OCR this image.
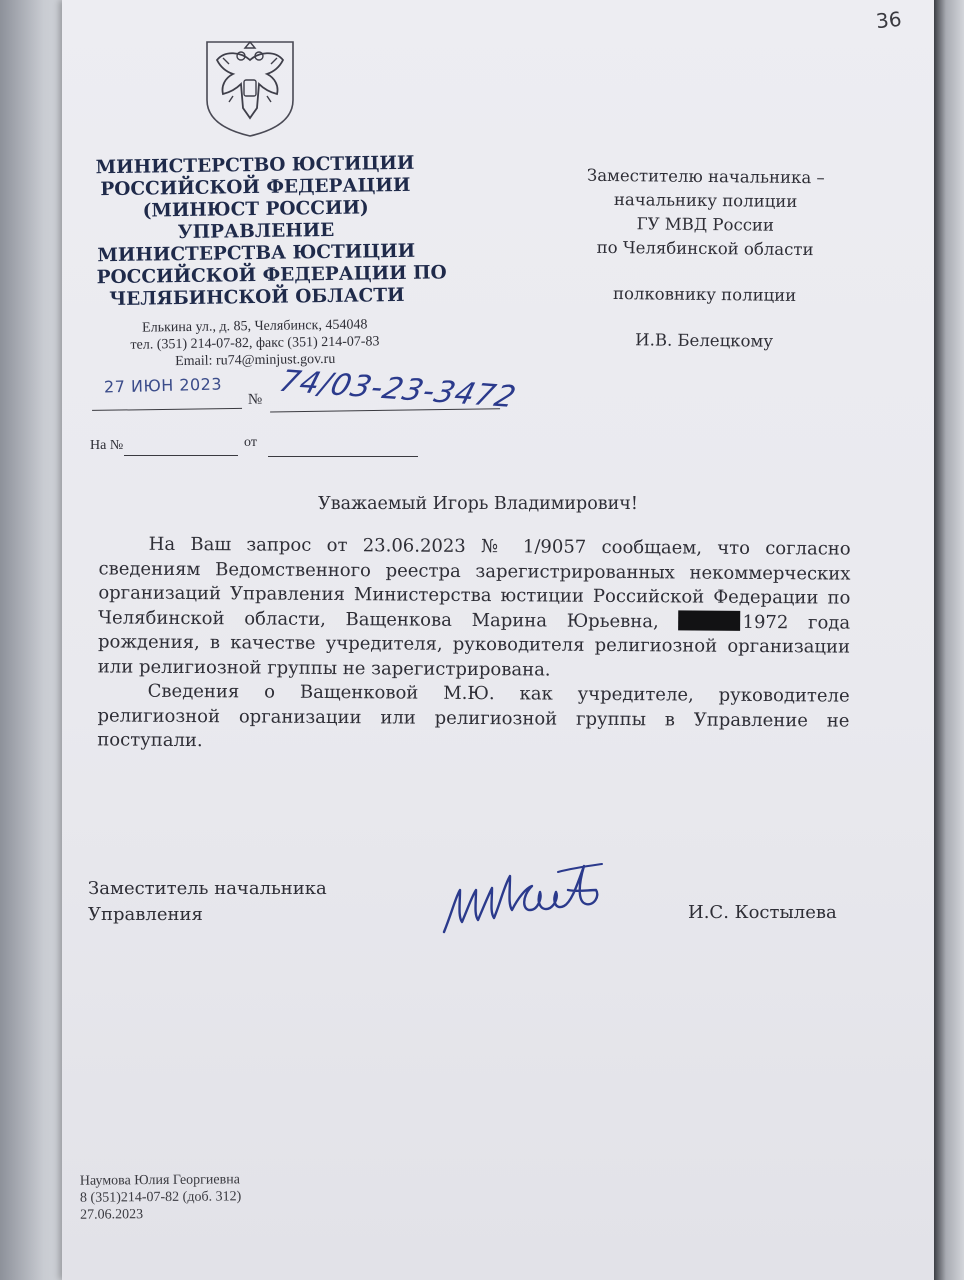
36
МИНИСТЕРСТВО ЮСТИЦИИ
РОССИЙСКОЙ ФЕДЕРАЦИИ
(МИНЮСТ РОССИИ)
УПРАВЛЕНИЕ
МИНИСТЕРСТВА ЮСТИЦИИ
РОССИЙСКОЙ ФЕДЕРАЦИИ ПО
ЧЕЛЯБИНСКОЙ ОБЛАСТИ
Елькина ул., д. 85, Челябинск, 454048
тел. (351) 214-07-82, факс (351) 214-07-83
Email: ru74@minjust.gov.ru
27 ИЮН 2023
№ 74/03-23-3472
На №	от
Заместителю начальника –
начальнику полиции
ГУ МВД России
по Челябинской области
полковнику полиции
И.В. Белецкому
Уважаемый Игорь Владимирович!

На Ваш запрос от 23.06.2023 № 1/9057 сообщаем, что согласно сведениям Ведомственного реестра зарегистрированных некоммерческих организаций Управления Министерства юстиции Российской Федерации по Челябинской области, Ващенкова Марина Юрьевна,	1972 года рождения, в качестве учредителя, руководителя религиозной организации или религиозной группы не зарегистрирована.

Сведения о Ващенковой М.Ю. как учредителе, руководителе религиозной организации или религиозной группы в Управление не поступали.

Заместитель начальника
Управления	И.С. Костылева
Наумова Юлия Георгиевна
8 (351)214-07-82 (доб. 312)
27.06.2023
